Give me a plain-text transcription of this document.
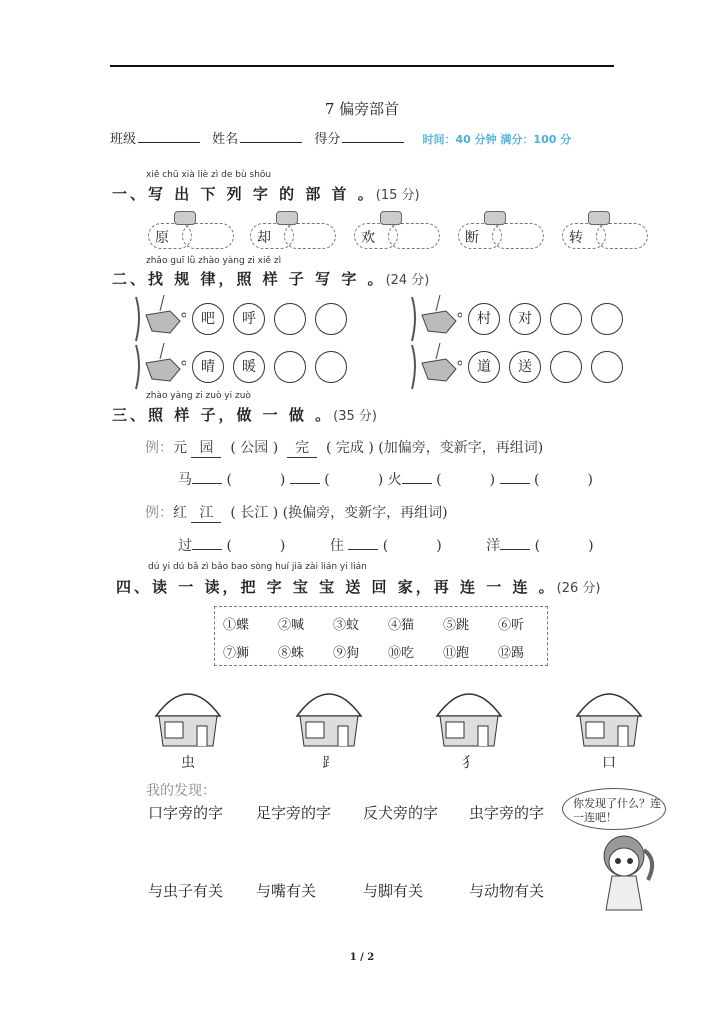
7 偏旁部首
班级	姓名	得分	时间：40 分钟 满分：100 分
xiě chū xià liè zì de bù shǒu
一、写 出 下 列 字 的 部 首 。(15 分)
原	却	欢	断	转
zhǎo guī lǜ zhào yàng zi xiě zì
二、找 规 律，照 样 子 写 字 。(24 分)
吧	呼	村	对
晴	暖	道	送
zhào yàng zi zuò yi zuò
三、照 样 子，做 一 做 。(35 分)
例：元 园 ( 公园 ) 完 ( 完成 ) (加偏旁，变新字，再组词)
马 (	)  (	) 火 (	)  (	)
例：红 江 ( 长江 ) (换偏旁，变新字，再组词)
过 (	)	住  (	)	洋 (	)
dú yi dú bǎ zì bǎo bao sòng huí jiā zài lián yi lián
四、读 一 读，把 字 宝 宝 送 回 家，再 连 一 连 。(26 分)
①蝶 ②喊 ③蚊 ④猫 ⑤跳 ⑥听
⑦狮 ⑧蛛 ⑨狗 ⑩吃 ⑪跑 ⑫踢
虫	⻊	犭	口
我的发现：
口字旁的字
与虫子有关
足字旁的字
与嘴有关
反犬旁的字
与脚有关
虫字旁的字
与动物有关
你发现了什么？连一连吧！
1 / 2
